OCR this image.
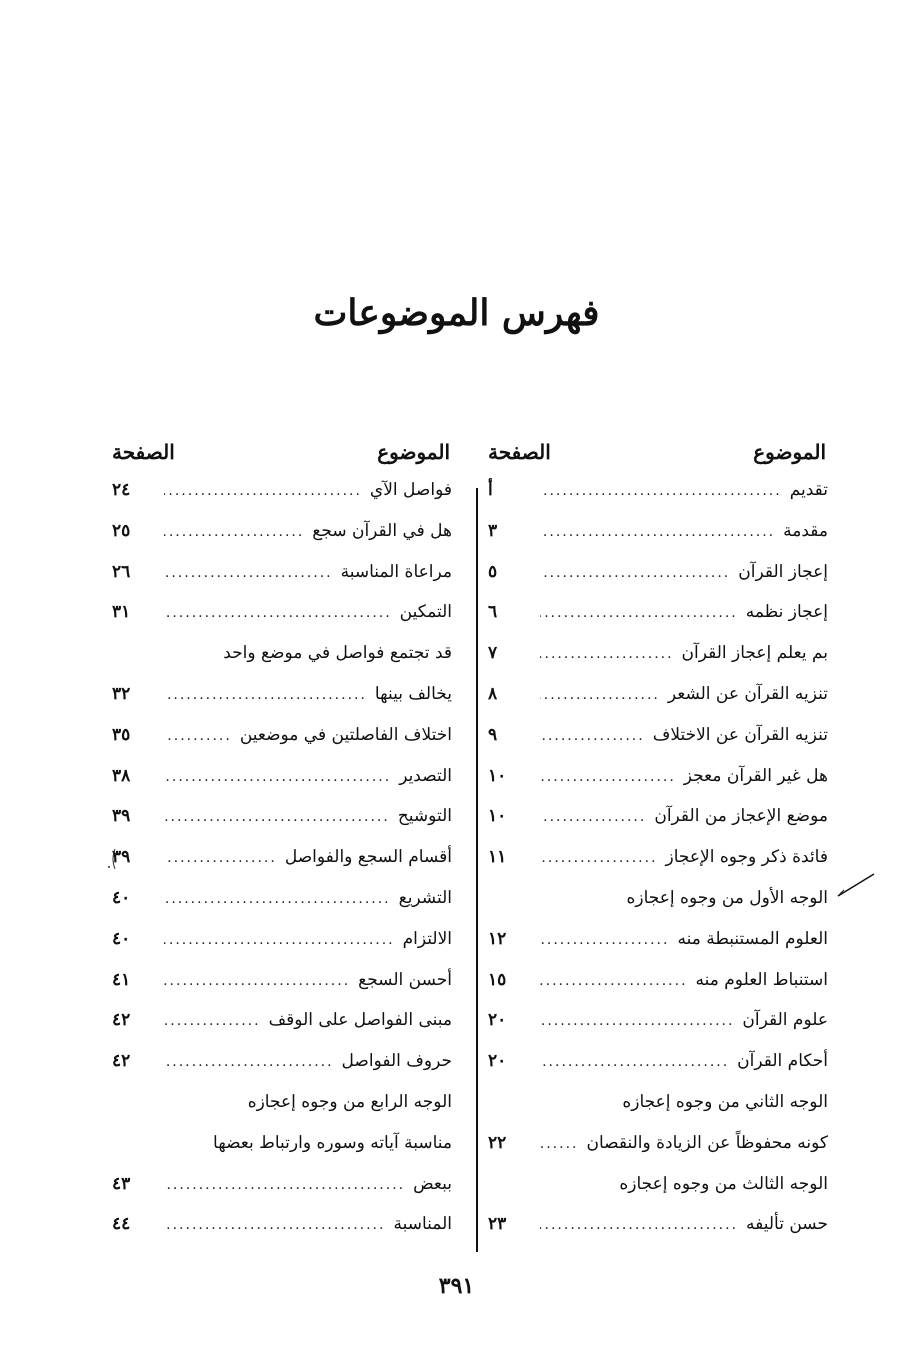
فهرس الموضوعات
الموضوع
الصفحة
تقديم
.....
أ
مقدمة
.....
٣
إعجاز القرآن
.....
٥
إعجاز نظمه
.....
٦
بم يعلم إعجاز القرآن
.....
٧
تنزيه القرآن عن الشعر
.....
٨
تنزيه القرآن عن الاختلاف
.....
٩
هل غير القرآن معجز
.....
١٠
موضع الإعجاز من القرآن
.....
١٠
فائدة ذكر وجوه الإعجاز
.....
١١
الوجه الأول من وجوه إعجازه
العلوم المستنبطة منه
.....
١٢
استنباط العلوم منه
.....
١٥
علوم القرآن
.....
٢٠
أحكام القرآن
.....
٢٠
الوجه الثاني من وجوه إعجازه
كونه محفوظاً عن الزيادة والنقصان
.....
٢٢
الوجه الثالث من وجوه إعجازه
حسن تأليفه
.....
٢٣
الموضوع
الصفحة
فواصل الآي
.....
٢٤
هل في القرآن سجع
.....
٢٥
مراعاة المناسبة
.....
٢٦
التمكين
.....
٣١
قد تجتمع فواصل في موضع واحد
يخالف بينها
.....
٣٢
اختلاف الفاصلتين في موضعين
.....
٣٥
التصدير
.....
٣٨
التوشيح
.....
٣٩
أقسام السجع والفواصل
.....
٣٩
التشريع
.....
٤٠
الالتزام
.....
٤٠
أحسن السجع
.....
٤١
مبنى الفواصل على الوقف
.....
٤٢
حروف الفواصل
.....
٤٢
الوجه الرابع من وجوه إعجازه
مناسبة آياته وسوره وارتباط بعضها
ببعض
.....
٤٣
المناسبة
.....
٤٤
٣٩١
